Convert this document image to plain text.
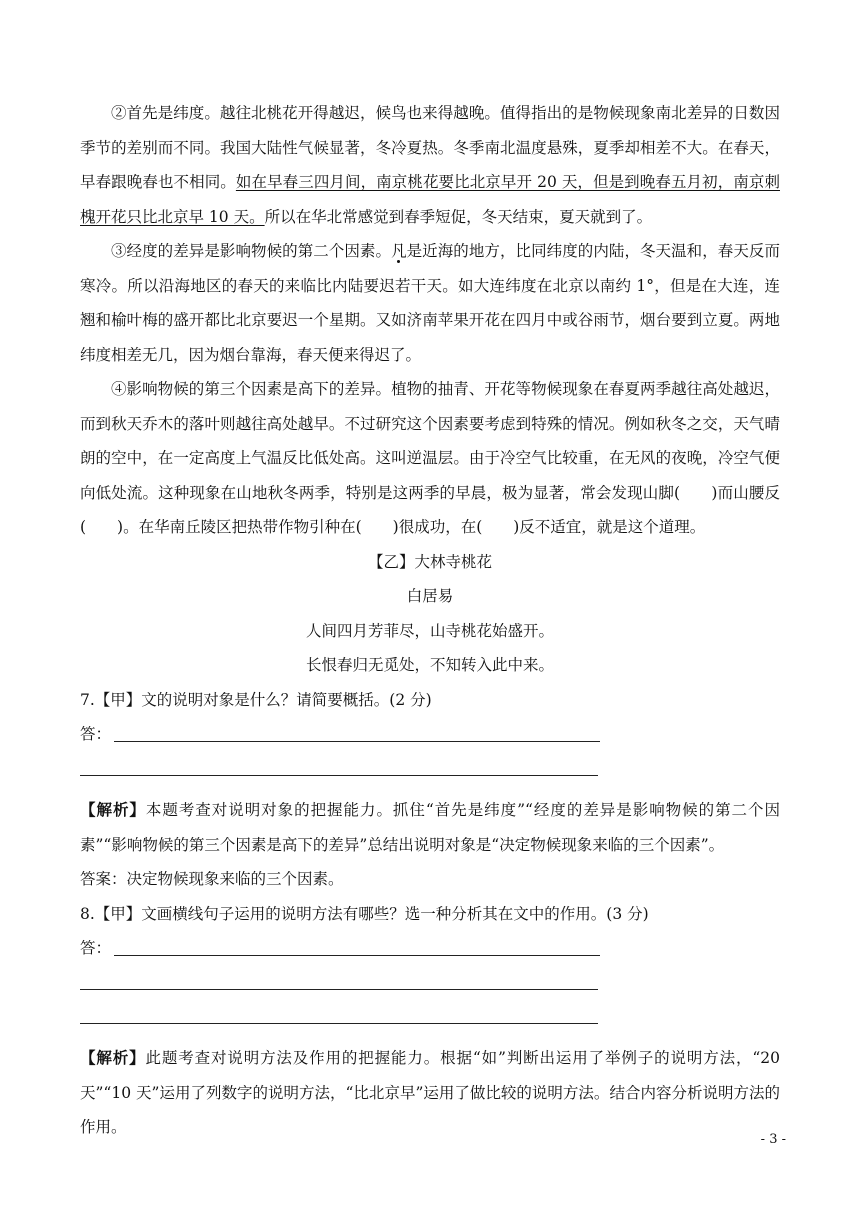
②首先是纬度。越往北桃花开得越迟，候鸟也来得越晚。值得指出的是物候现象南北差异的日数因季节的差别而不同。我国大陆性气候显著，冬冷夏热。冬季南北温度悬殊，夏季却相差不大。在春天，早春跟晚春也不相同。如在早春三四月间，南京桃花要比北京早开 20 天，但是到晚春五月初，南京刺槐开花只比北京早 10 天。所以在华北常感觉到春季短促，冬天结束，夏天就到了。

③经度的差异是影响物候的第二个因素。凡是近海的地方，比同纬度的内陆，冬天温和，春天反而寒冷。所以沿海地区的春天的来临比内陆要迟若干天。如大连纬度在北京以南约 1°，但是在大连，连翘和榆叶梅的盛开都比北京要迟一个星期。又如济南苹果开花在四月中或谷雨节，烟台要到立夏。两地纬度相差无几，因为烟台靠海，春天便来得迟了。

④影响物候的第三个因素是高下的差异。植物的抽青、开花等物候现象在春夏两季越往高处越迟，而到秋天乔木的落叶则越往高处越早。不过研究这个因素要考虑到特殊的情况。例如秋冬之交，天气晴朗的空中，在一定高度上气温反比低处高。这叫逆温层。由于冷空气比较重，在无风的夜晚，冷空气便向低处流。这种现象在山地秋冬两季，特别是这两季的早晨，极为显著，常会发现山脚(　　)而山腰反(　　)。在华南丘陵区把热带作物引种在(　　)很成功，在(　　)反不适宜，就是这个道理。

【乙】大林寺桃花

白居易

人间四月芳菲尽，山寺桃花始盛开。

长恨春归无觅处，不知转入此中来。

7.【甲】文的说明对象是什么？请简要概括。(2 分)

答：

【解析】本题考查对说明对象的把握能力。抓住“首先是纬度”“经度的差异是影响物候的第二个因素”“影响物候的第三个因素是高下的差异”总结出说明对象是“决定物候现象来临的三个因素”。

答案：决定物候现象来临的三个因素。

8.【甲】文画横线句子运用的说明方法有哪些？选一种分析其在文中的作用。(3 分)

答：

【解析】此题考查对说明方法及作用的把握能力。根据“如”判断出运用了举例子的说明方法，“20 天”“10 天”运用了列数字的说明方法，“比北京早”运用了做比较的说明方法。结合内容分析说明方法的作用。

- 3 -
